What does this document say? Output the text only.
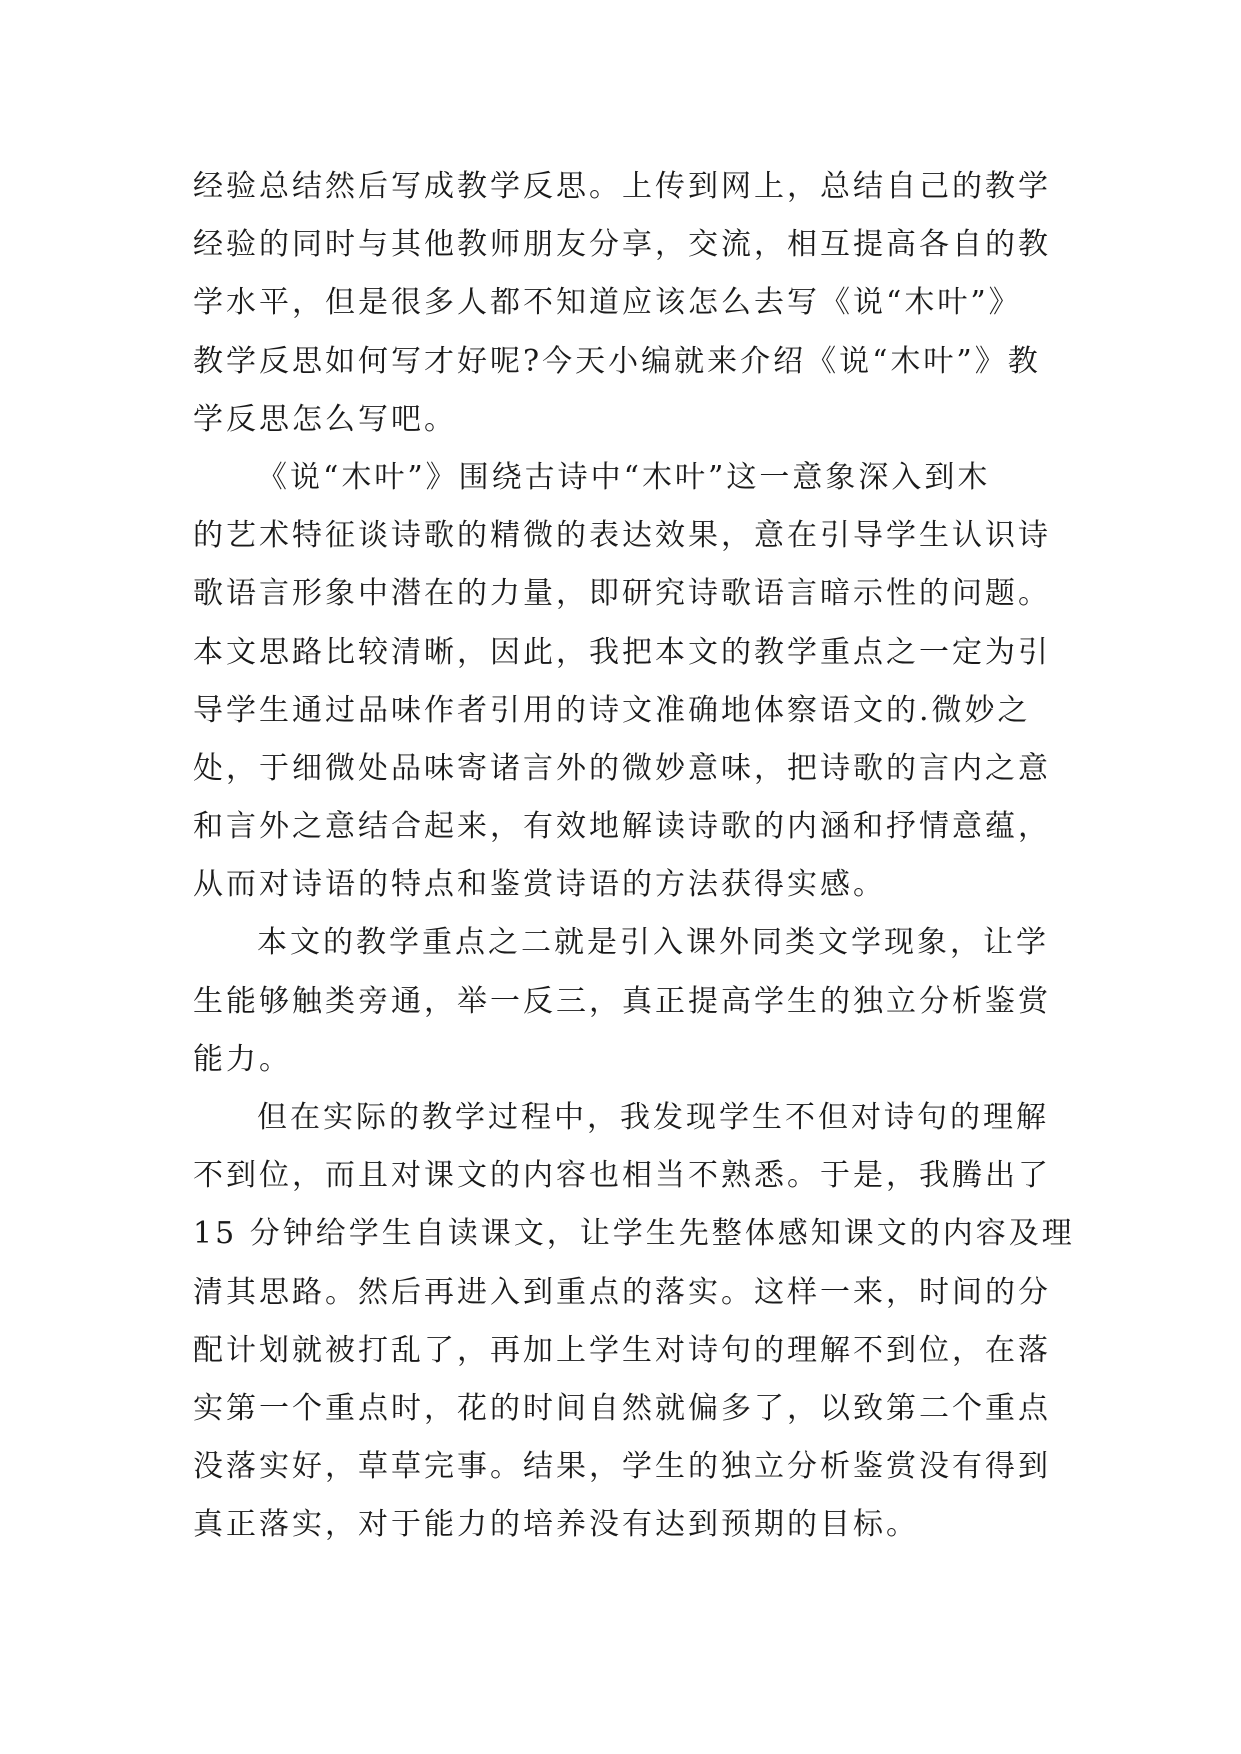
经验总结然后写成教学反思。上传到网上，总结自己的教学
经验的同时与其他教师朋友分享，交流，相互提高各自的教
学水平，但是很多人都不知道应该怎么去写《说“木叶”》
教学反思如何写才好呢?今天小编就来介绍《说“木叶”》教
学反思怎么写吧。
《说“木叶”》围绕古诗中“木叶”这一意象深入到木
的艺术特征谈诗歌的精微的表达效果，意在引导学生认识诗
歌语言形象中潜在的力量，即研究诗歌语言暗示性的问题。
本文思路比较清晰，因此，我把本文的教学重点之一定为引
导学生通过品味作者引用的诗文准确地体察语文的.微妙之
处，于细微处品味寄诸言外的微妙意味，把诗歌的言内之意
和言外之意结合起来，有效地解读诗歌的内涵和抒情意蕴，
从而对诗语的特点和鉴赏诗语的方法获得实感。
本文的教学重点之二就是引入课外同类文学现象，让学
生能够触类旁通，举一反三，真正提高学生的独立分析鉴赏
能力。
但在实际的教学过程中，我发现学生不但对诗句的理解
不到位，而且对课文的内容也相当不熟悉。于是，我腾出了
15 分钟给学生自读课文，让学生先整体感知课文的内容及理
清其思路。然后再进入到重点的落实。这样一来，时间的分
配计划就被打乱了，再加上学生对诗句的理解不到位，在落
实第一个重点时，花的时间自然就偏多了，以致第二个重点
没落实好，草草完事。结果，学生的独立分析鉴赏没有得到
真正落实，对于能力的培养没有达到预期的目标。
